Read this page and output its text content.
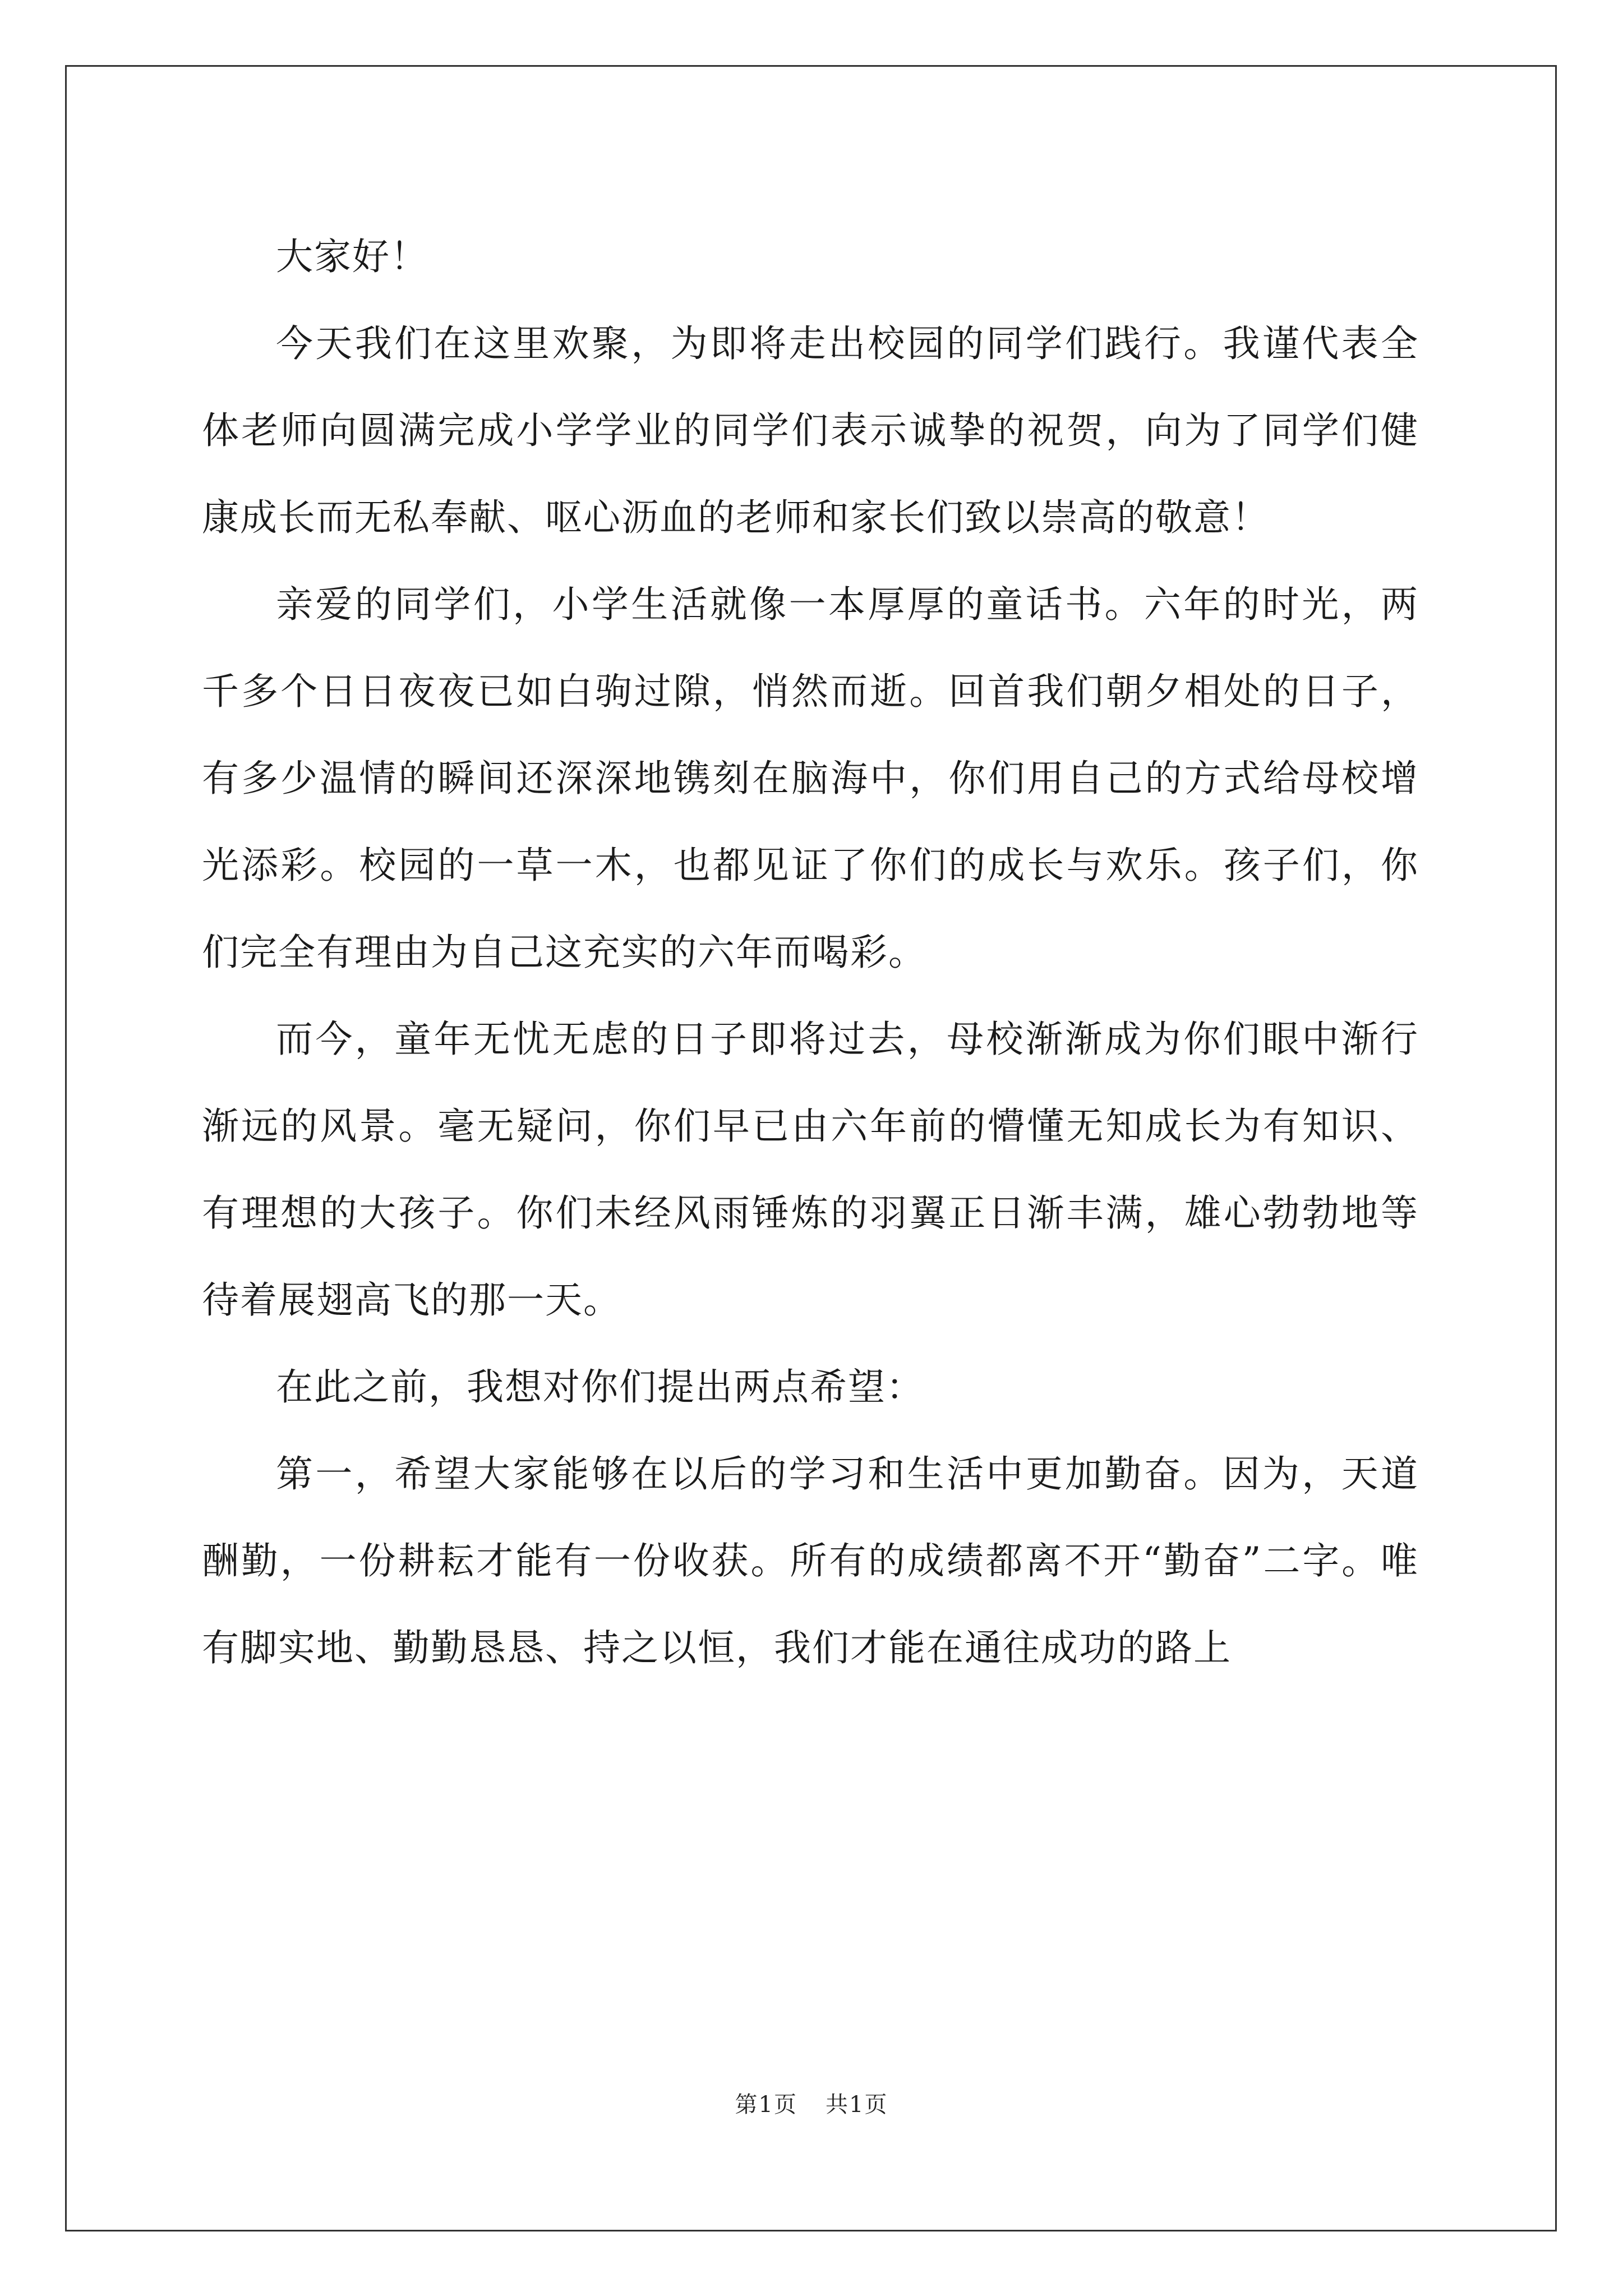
大家好！

今天我们在这里欢聚，为即将走出校园的同学们践行。我谨代表全体老师向圆满完成小学学业的同学们表示诚挚的祝贺，向为了同学们健康成长而无私奉献、呕心沥血的老师和家长们致以崇高的敬意！

亲爱的同学们，小学生活就像一本厚厚的童话书。六年的时光，两千多个日日夜夜已如白驹过隙，悄然而逝。回首我们朝夕相处的日子，有多少温情的瞬间还深深地镌刻在脑海中，你们用自己的方式给母校增光添彩。校园的一草一木，也都见证了你们的成长与欢乐。孩子们，你们完全有理由为自己这充实的六年而喝彩。

而今，童年无忧无虑的日子即将过去，母校渐渐成为你们眼中渐行渐远的风景。毫无疑问，你们早已由六年前的懵懂无知成长为有知识、有理想的大孩子。你们未经风雨锤炼的羽翼正日渐丰满，雄心勃勃地等待着展翅高飞的那一天。

在此之前，我想对你们提出两点希望：

第一，希望大家能够在以后的学习和生活中更加勤奋。因为，天道酬勤，一份耕耘才能有一份收获。所有的成绩都离不开“勤奋”二字。唯有脚实地、勤勤恳恳、持之以恒，我们才能在通往成功的路上

第1页 共1页
